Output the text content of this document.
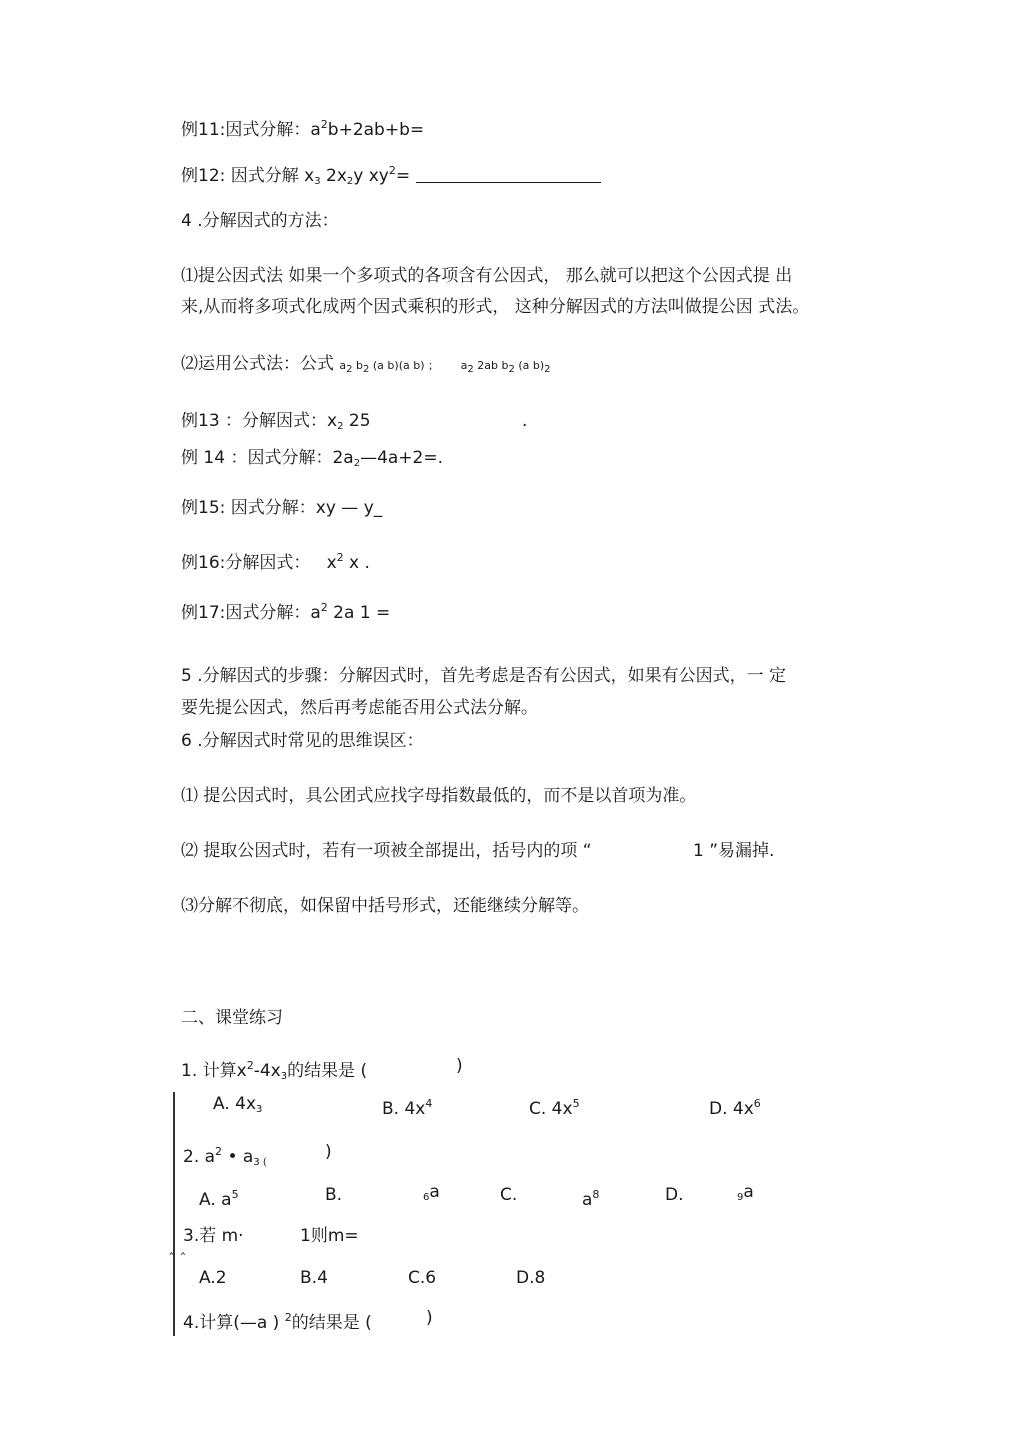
例11:因式分解：$a^2b+2ab+b=$
例12: 因式分解 $x_3$ $2x_2y$ $xy^2=$
4 .分解因式的方法：
⑴提公因式法 如果一个多项式的各项含有公因式， 那么就可以把这个公因式提 出
来,从而将多项式化成两个因式乘积的形式， 这种分解因式的方法叫做提公因 式法。
⑵运用公式法：公式 a2 b2 (a b)(a b) ； a2 2ab b2 (a b)2
例13 ：分解因式：$x_2$ 25	.
例 14 ：因式分解：$2a_2—4a+2=$.
例15: 因式分解：xy — y_
例16:分解因式： $x^2$ x .
例17:因式分解：$a^2$ 2a 1 =
5 .分解因式的步骤：分解因式时，首先考虑是否有公因式，如果有公因式，一 定
要先提公因式，然后再考虑能否用公式法分解。
6 .分解因式时常见的思维误区：
⑴ 提公因式时，具公团式应找字母指数最低的，而不是以首项为准。
⑵ 提取公因式时，若有一项被全部提出，括号内的项 “	1 ”易漏掉.
⑶分解不彻底，如保留中括号形式，还能继续分解等。
二、课堂练习
1. 计算$x^2-4x_3$的结果是 (	)
ˆ ˆ
A. $4x_3$	B. $4x^4$	C. $4x^5$	D. $4x^6$
2. $a^2$ • $a_{3 (}$
)
A. $a^5$	B.	$_6$a	C.	$a^8$	D.	$_9$a
3.若 m·	1则m=
A.2	B.4	C.6	D.8
4.计算(—a ) $^2$的结果是 (	)
